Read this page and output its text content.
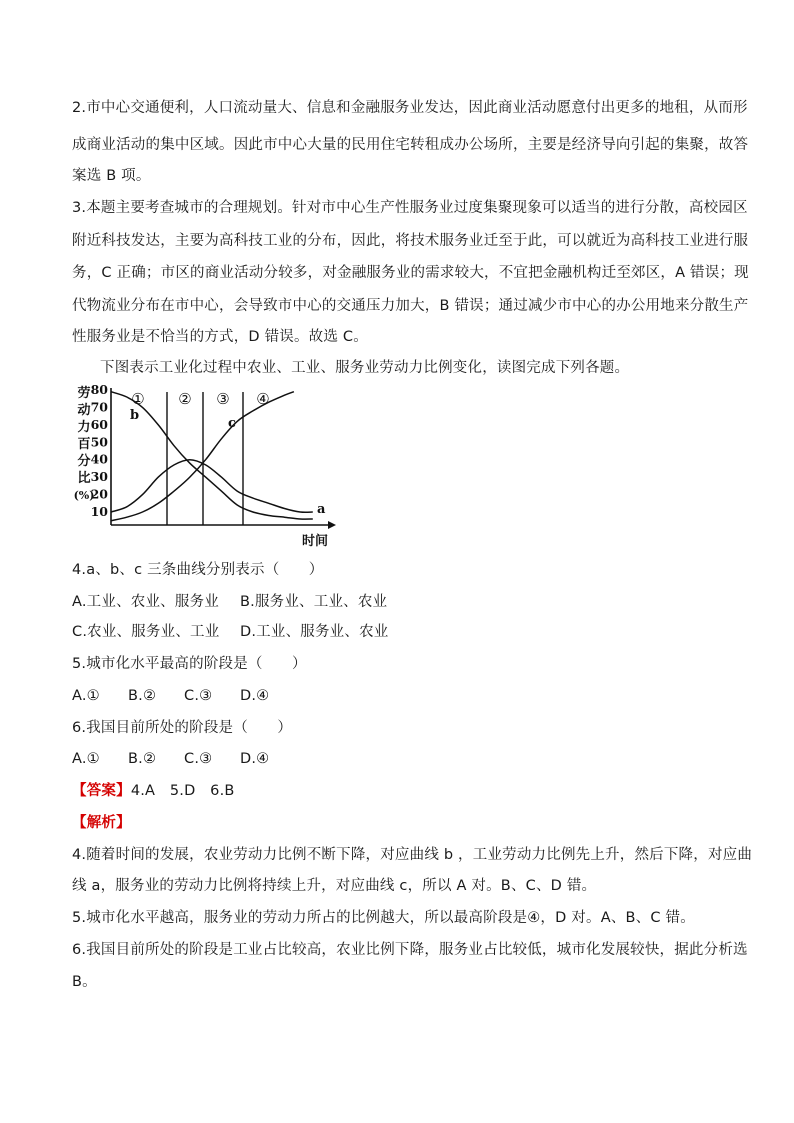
2.市中心交通便利，人口流动量大、信息和金融服务业发达，因此商业活动愿意付出更多的地租，从而形
成商业活动的集中区域。因此市中心大量的民用住宅转租成办公场所，主要是经济导向引起的集聚，故答
案选 B 项。
3.本题主要考查城市的合理规划。针对市中心生产性服务业过度集聚现象可以适当的进行分散，高校园区
附近科技发达，主要为高科技工业的分布，因此，将技术服务业迁至于此，可以就近为高科技工业进行服
务，C 正确；市区的商业活动分较多，对金融服务业的需求较大，不宜把金融机构迁至郊区，A 错误；现
代物流业分布在市中心，会导致市中心的交通压力加大，B 错误；通过减少市中心的办公用地来分散生产
性服务业是不恰当的方式，D 错误。故选 C。
下图表示工业化过程中农业、工业、服务业劳动力比例变化，读图完成下列各题。
劳
动
力
百
分
比
(%)
80
70
60
50
40
30
20
10
① ② ③ ④
a
b
c
时间
4.a、b、c 三条曲线分别表示（　　）
A.工业、农业、服务业 B.服务业、工业、农业
C.农业、服务业、工业 D.工业、服务业、农业
5.城市化水平最高的阶段是（　　）
A.① B.② C.③ D.④
6.我国目前所处的阶段是（　　）
A.① B.② C.③ D.④
【答案】4.A　5.D　6.B
【解析】
4.随着时间的发展，农业劳动力比例不断下降，对应曲线 b ，工业劳动力比例先上升，然后下降，对应曲
线 a，服务业的劳动力比例将持续上升，对应曲线 c，所以 A 对。B、C、D 错。
5.城市化水平越高，服务业的劳动力所占的比例越大，所以最高阶段是④，D 对。A、B、C 错。
6.我国目前所处的阶段是工业占比较高，农业比例下降，服务业占比较低，城市化发展较快，据此分析选
B。
